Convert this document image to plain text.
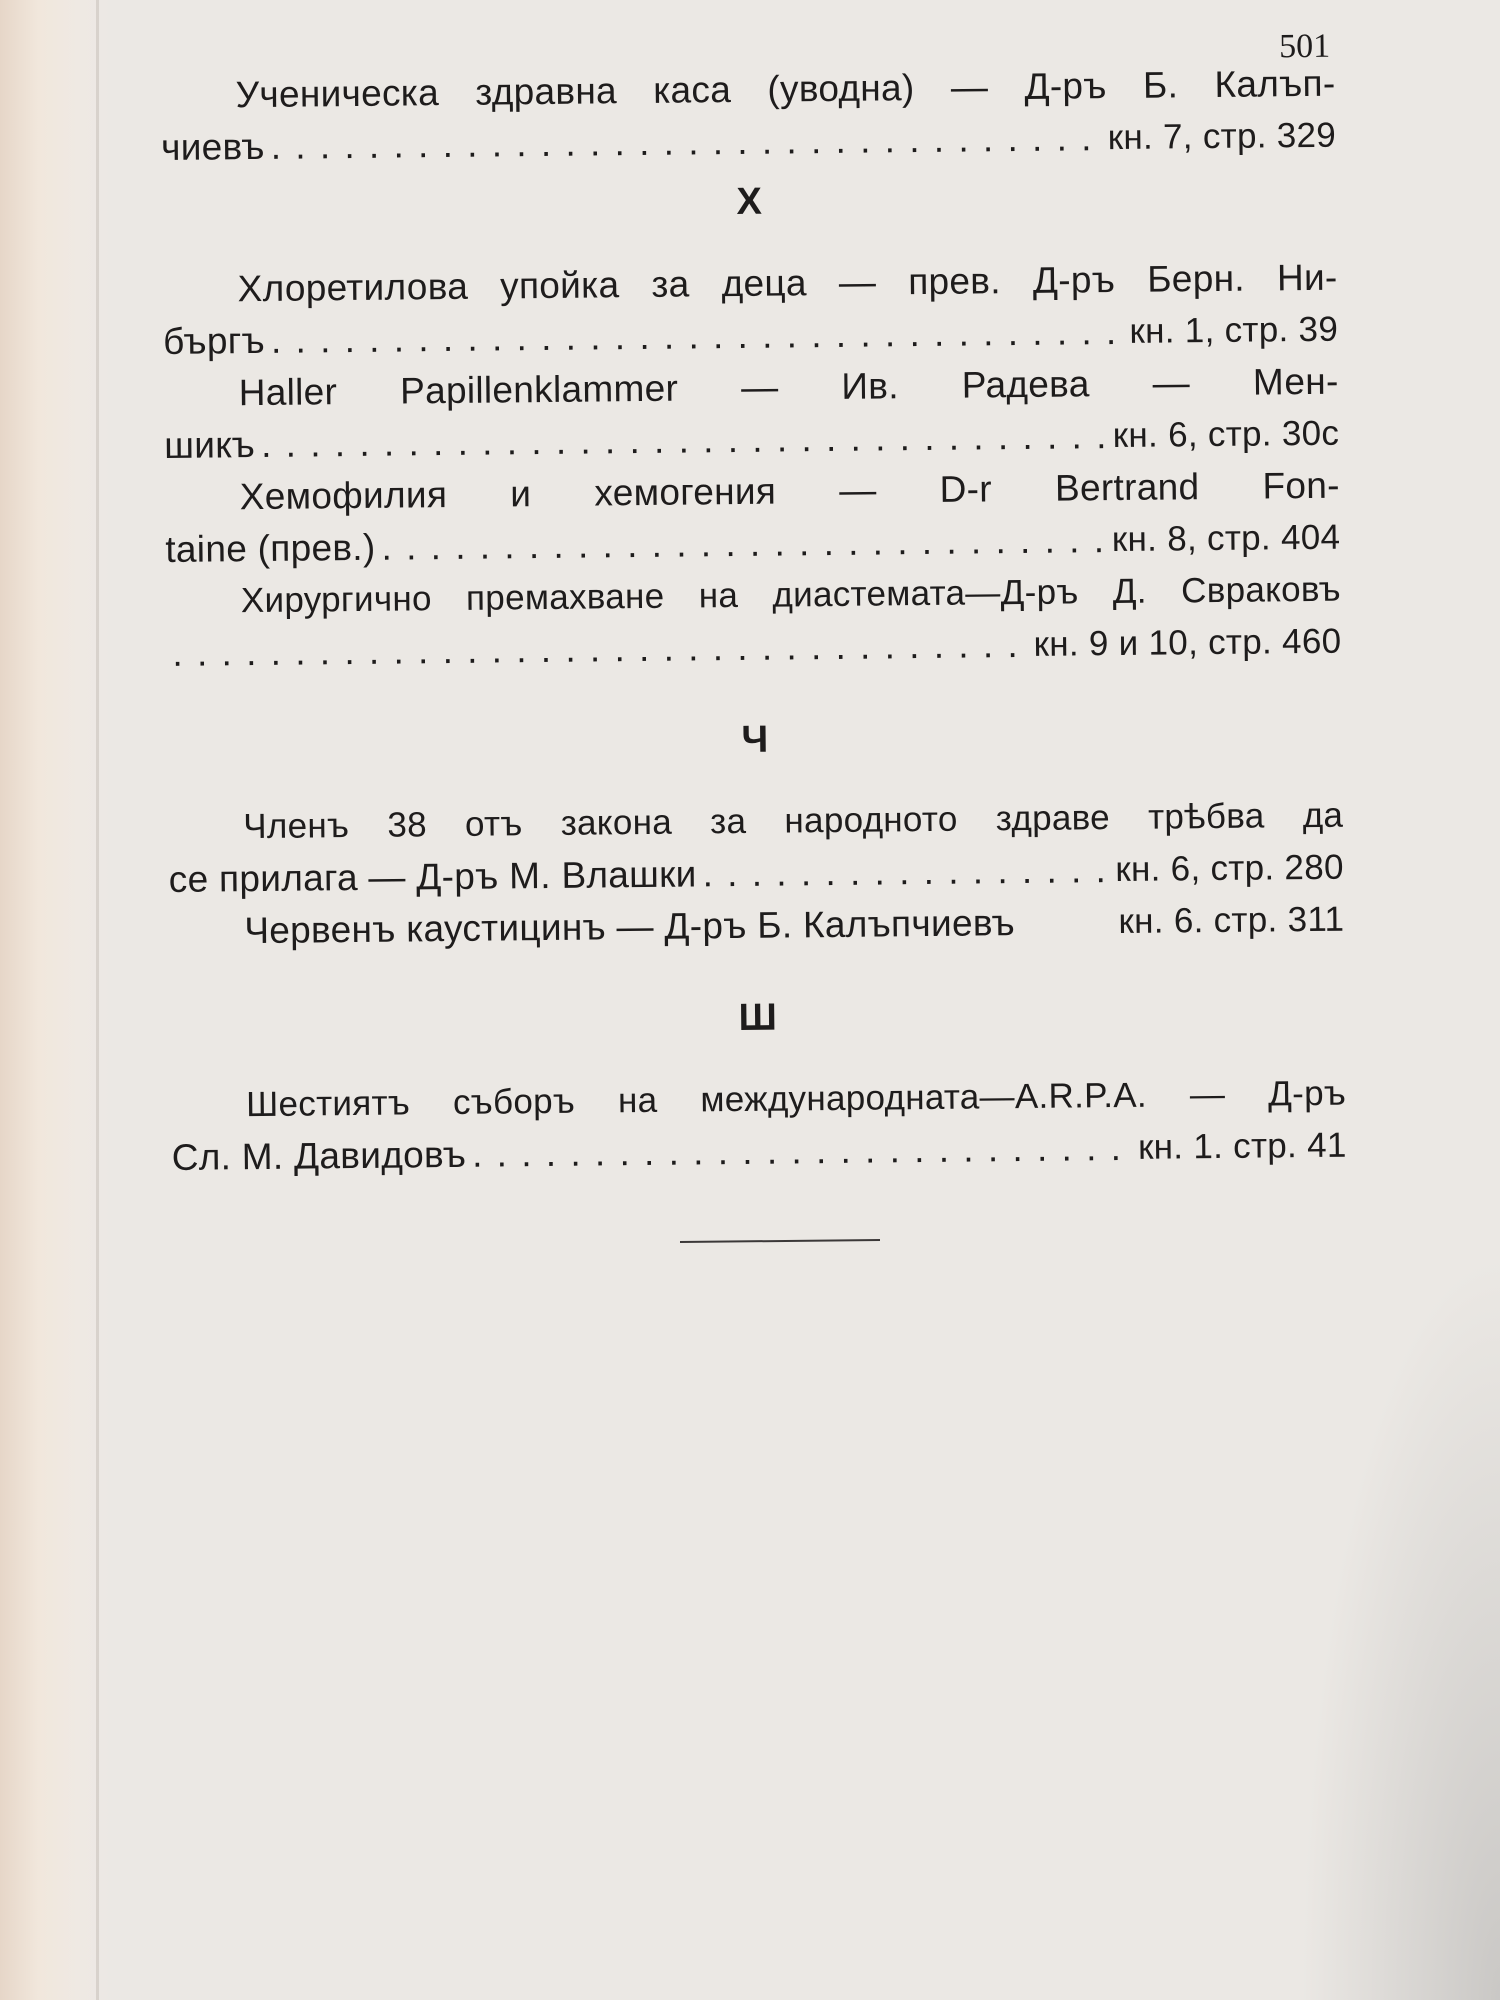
501
Ученическа здравна каса (уводна) — Д-ръ Б. Калъп-
чиевъ . . .	кн. 7, стр. 329
Х
Хлоретилова упойка за деца — прев. Д-ръ Берн. Ни-
бъргъ . . .	кн. 1, стр. 39
Haller Papillenklammer — Ив. Радева — Мен-
шикъ . . .	кн. 6, стр. 30с
Хемофилия и хемогения — D-r Bertrand Fon-
taine (прев.) . . .	кн. 8, стр. 404
Хирургично премахване на диастемата—Д-ръ Д. Свраковъ
. . .
кн. 9 и 10, стр. 460
Ч
Членъ 38 отъ закона за народното здраве трѣбва да
се прилага — Д-ръ М. Влашки . . .	кн. 6, стр. 280
Червенъ каустицинъ — Д-ръ Б. Калъпчиевъ	кн. 6. стр. 311
Ш
Шестиятъ съборъ на международната—A.R.P.A. — Д-ръ
Сл. М. Давидовъ . . .	кн. 1. стр. 41
